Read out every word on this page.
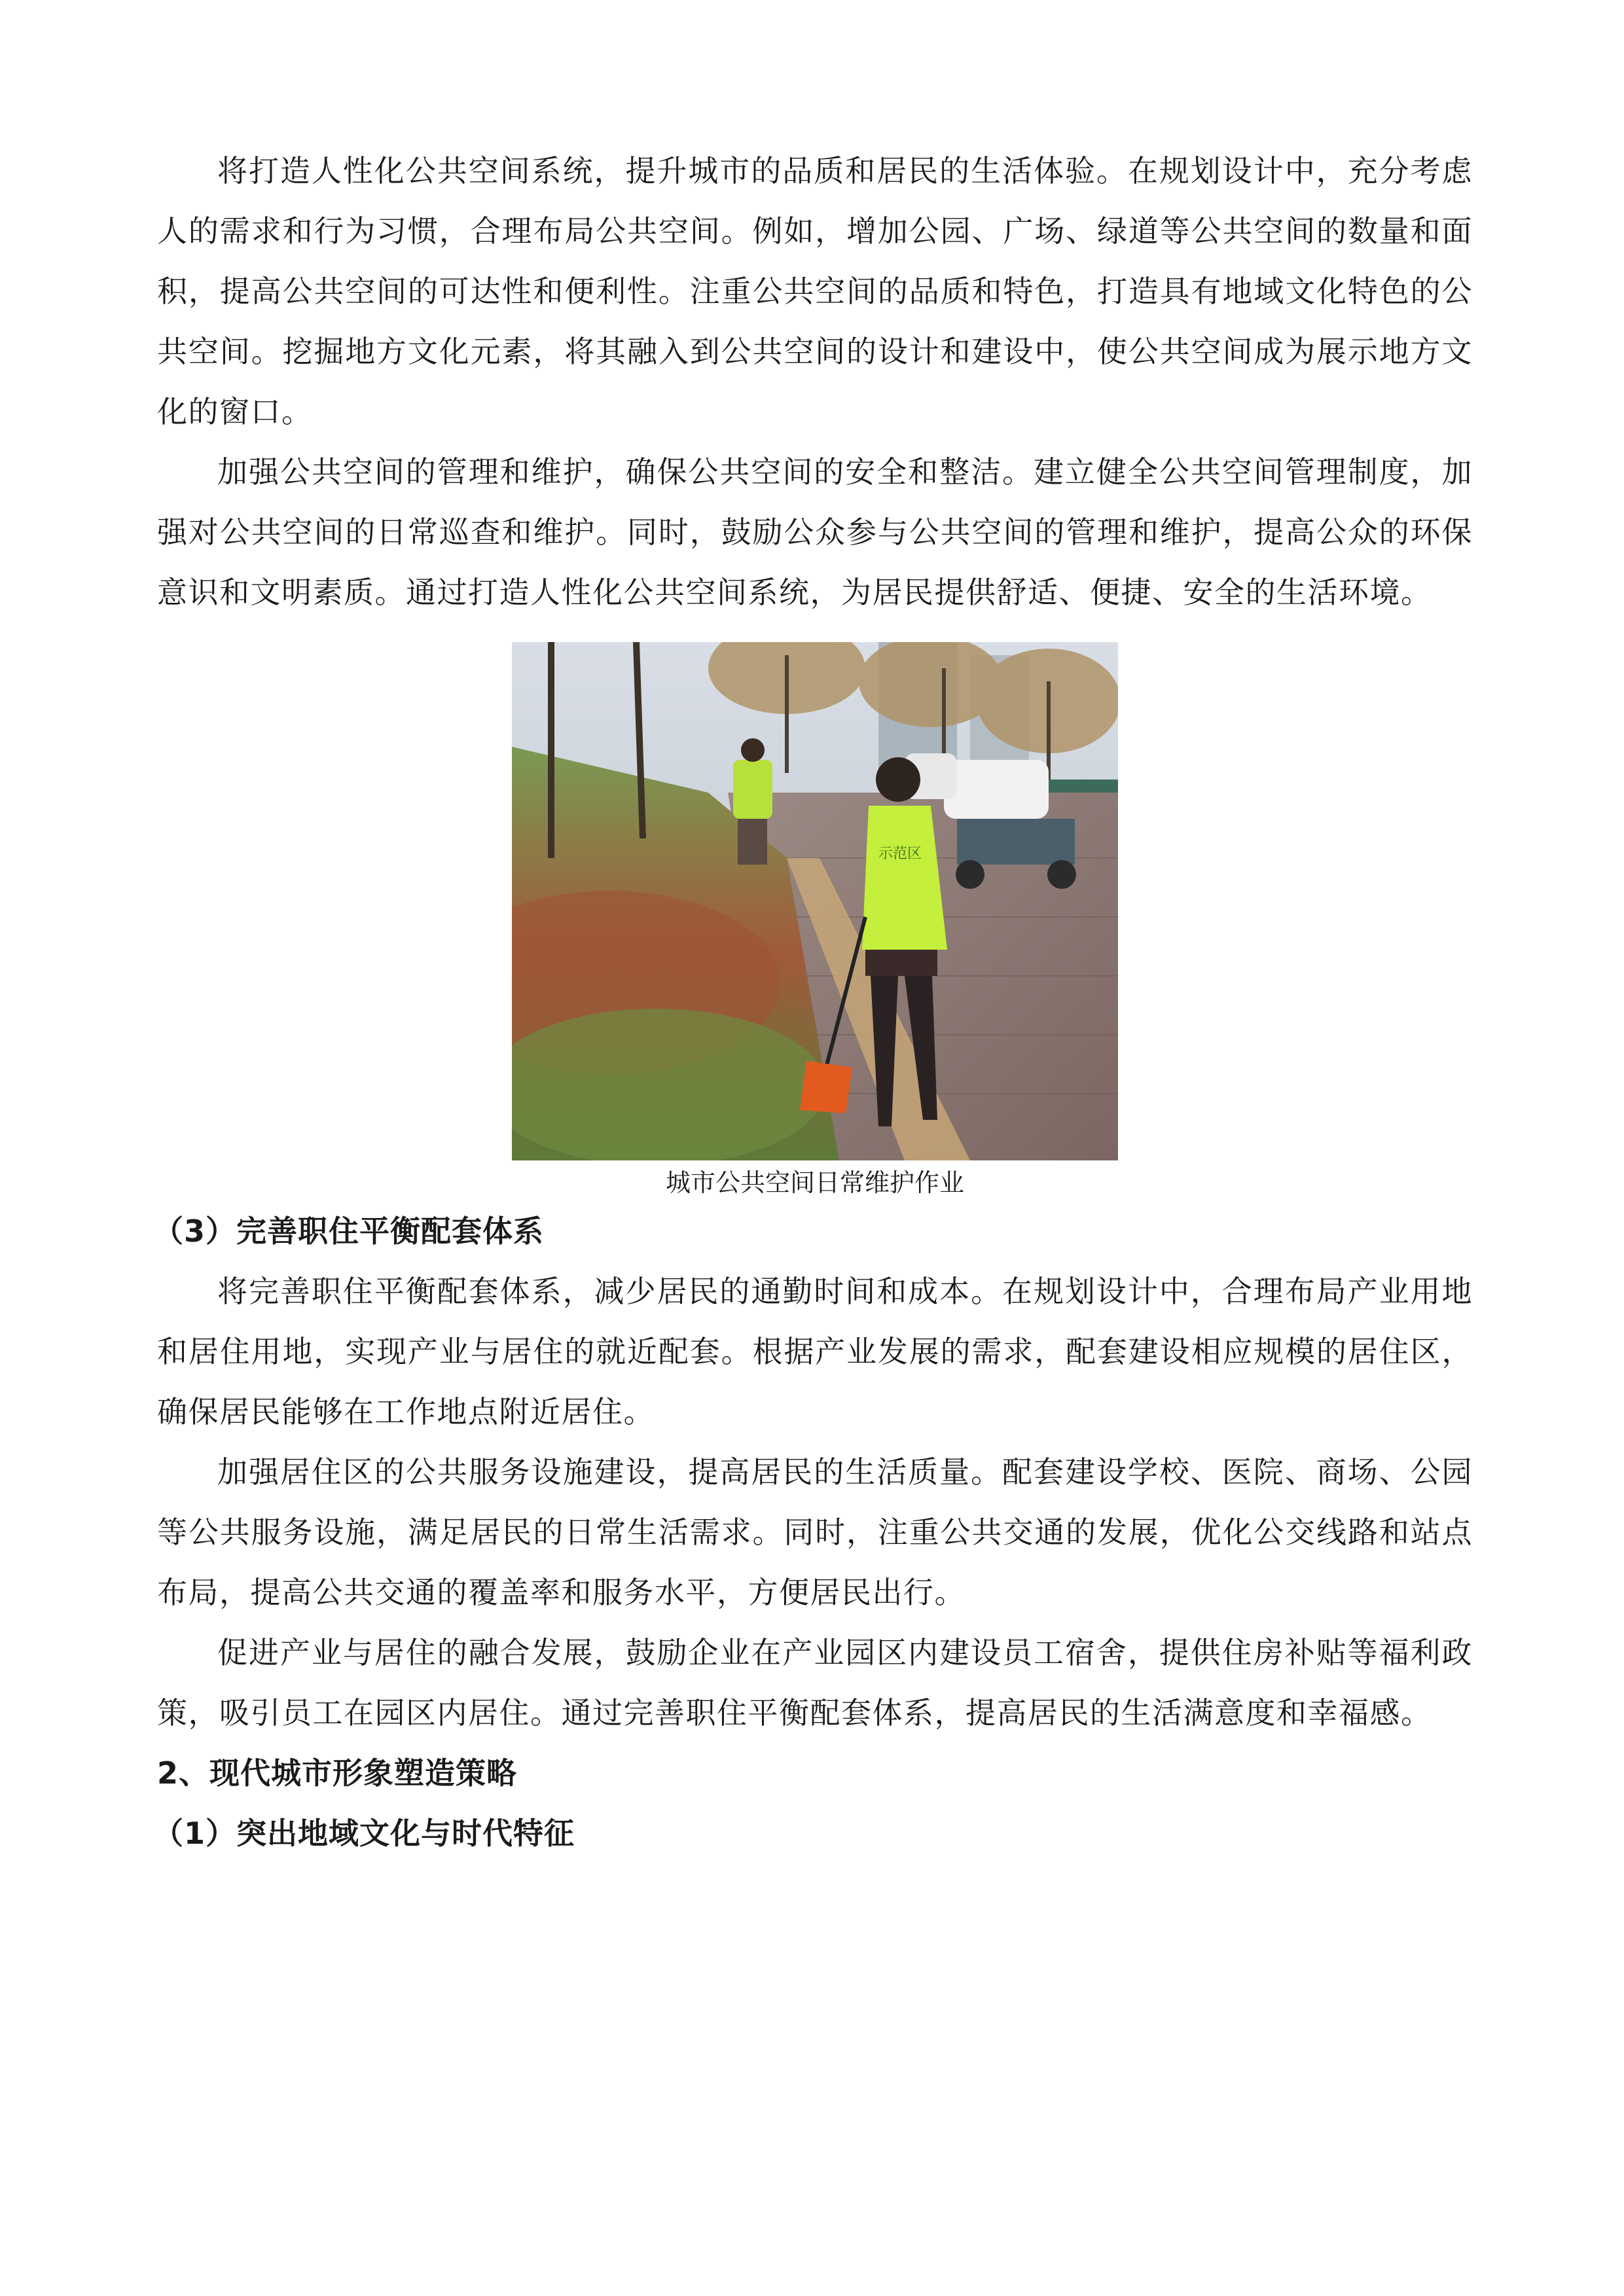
将打造人性化公共空间系统，提升城市的品质和居民的生活体验。在规划设计中，充分考虑人的需求和行为习惯，合理布局公共空间。例如，增加公园、广场、绿道等公共空间的数量和面积，提高公共空间的可达性和便利性。注重公共空间的品质和特色，打造具有地域文化特色的公共空间。挖掘地方文化元素，将其融入到公共空间的设计和建设中，使公共空间成为展示地方文化的窗口。

加强公共空间的管理和维护，确保公共空间的安全和整洁。建立健全公共空间管理制度，加强对公共空间的日常巡查和维护。同时，鼓励公众参与公共空间的管理和维护，提高公众的环保意识和文明素质。通过打造人性化公共空间系统，为居民提供舒适、便捷、安全的生活环境。

示范区

城市公共空间日常维护作业

（3）完善职住平衡配套体系

将完善职住平衡配套体系，减少居民的通勤时间和成本。在规划设计中，合理布局产业用地和居住用地，实现产业与居住的就近配套。根据产业发展的需求，配套建设相应规模的居住区，确保居民能够在工作地点附近居住。

加强居住区的公共服务设施建设，提高居民的生活质量。配套建设学校、医院、商场、公园等公共服务设施，满足居民的日常生活需求。同时，注重公共交通的发展，优化公交线路和站点布局，提高公共交通的覆盖率和服务水平，方便居民出行。

促进产业与居住的融合发展，鼓励企业在产业园区内建设员工宿舍，提供住房补贴等福利政策，吸引员工在园区内居住。通过完善职住平衡配套体系，提高居民的生活满意度和幸福感。

2、现代城市形象塑造策略

（1）突出地域文化与时代特征
